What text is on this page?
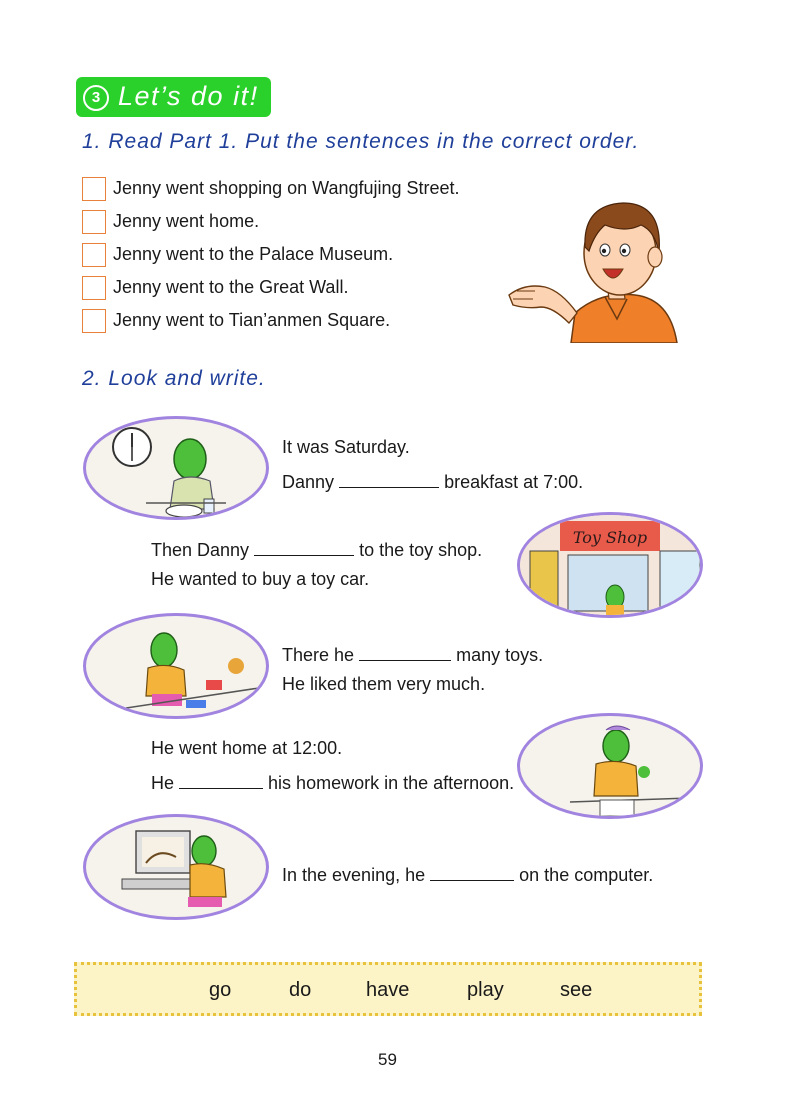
3 Let’s do it!
1. Read Part 1. Put the sentences in the correct order.
Jenny went shopping on Wangfujing Street.
Jenny went home.
Jenny went to the Palace Museum.
Jenny went to the Great Wall.
Jenny went to Tian’anmen Square.
2. Look and write.
It was Saturday.
Danny	breakfast at 7:00.
Then Danny	to the toy shop.
He wanted to buy a toy car.
Toy Shop
There he	many toys.
He liked them very much.
He went home at 12:00.
He	his homework in the afternoon.
In the evening, he	on the computer.
go	do	have	play	see
59
